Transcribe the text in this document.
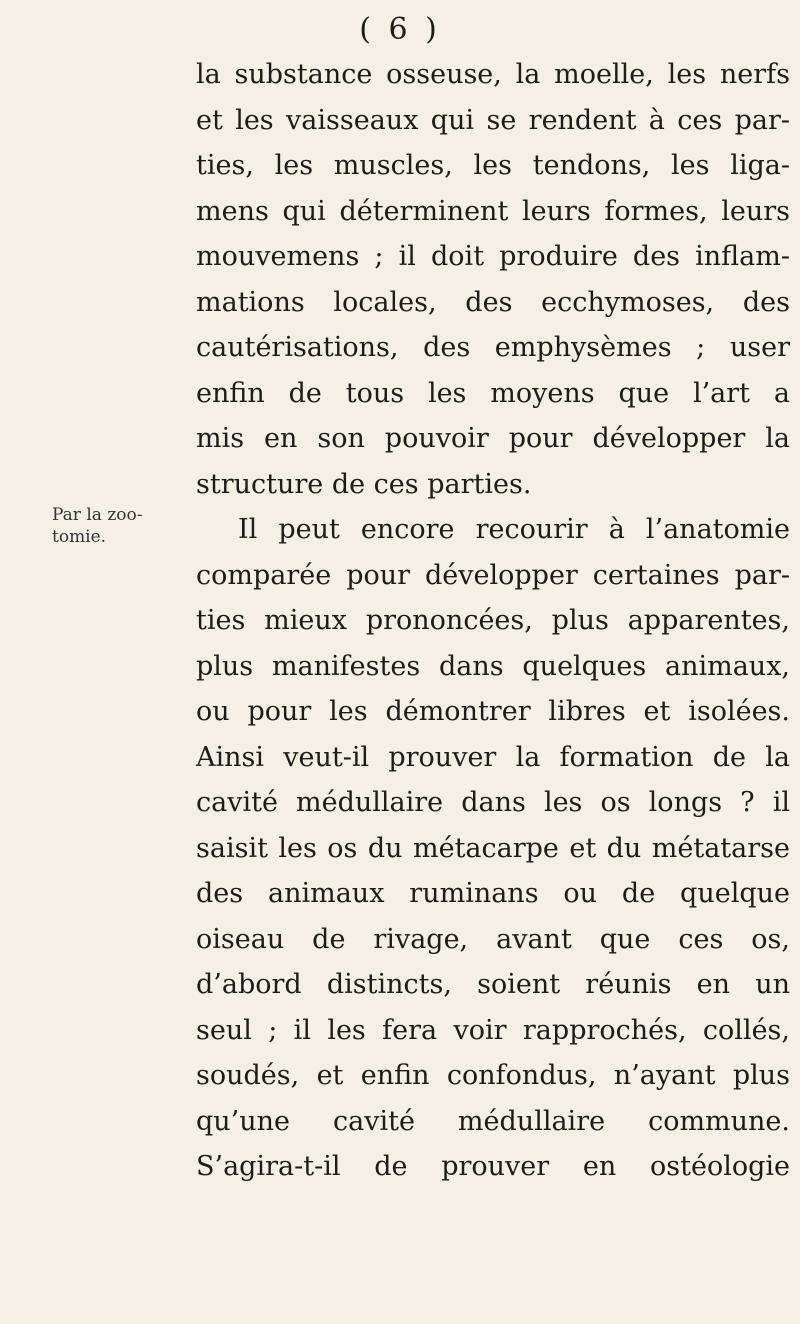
( 6 )
Par la zoo-
tomie.
la substance osseuse, la moelle, les nerfs
et les vaisseaux qui se rendent à ces par-
ties, les muscles, les tendons, les liga-
mens qui déterminent leurs formes, leurs
mouvemens ; il doit produire des inflam-
mations locales, des ecchymoses, des
cautérisations, des emphysèmes ; user
enfin de tous les moyens que l’art a
mis en son pouvoir pour développer la
structure de ces parties.
Il peut encore recourir à l’anatomie
comparée pour développer certaines par-
ties mieux prononcées, plus apparentes,
plus manifestes dans quelques animaux,
ou pour les démontrer libres et isolées.
Ainsi veut-il prouver la formation de la
cavité médullaire dans les os longs ? il
saisit les os du métacarpe et du métatarse
des animaux ruminans ou de quelque
oiseau de rivage, avant que ces os,
d’abord distincts, soient réunis en un
seul ; il les fera voir rapprochés, collés,
soudés, et enfin confondus, n’ayant plus
qu’une cavité médullaire commune.
S’agira-t-il de prouver en ostéologie
